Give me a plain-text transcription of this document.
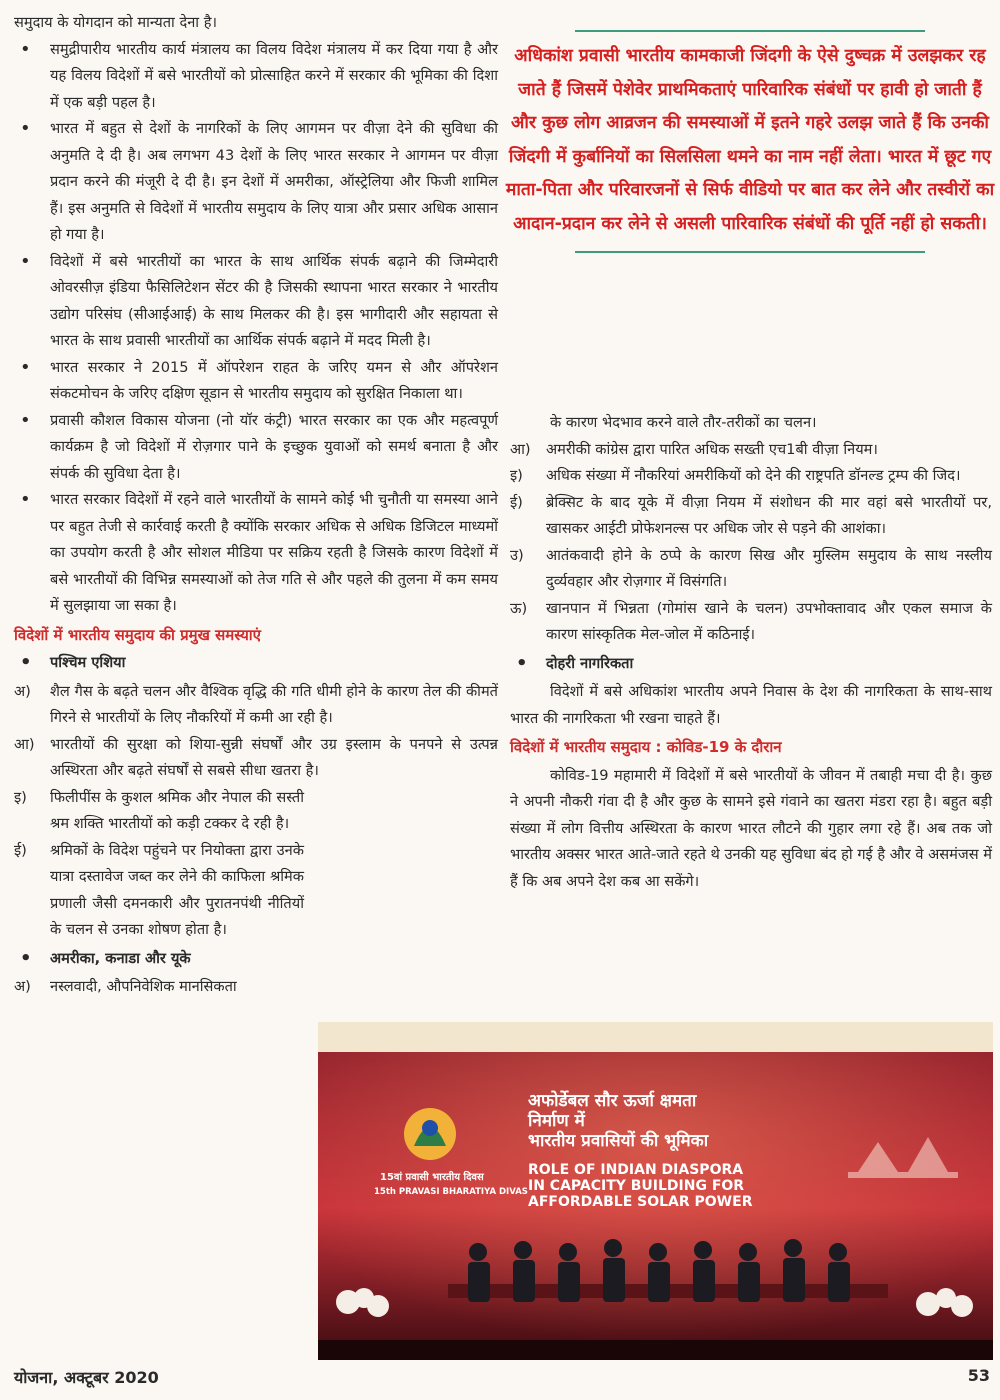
समुदाय के योगदान को मान्यता देना है।

• समुद्रीपारीय भारतीय कार्य मंत्रालय का विलय विदेश मंत्रालय में कर दिया गया है और यह विलय विदेशों में बसे भारतीयों को प्रोत्साहित करने में सरकार की भूमिका की दिशा में एक बड़ी पहल है।

• भारत में बहुत से देशों के नागरिकों के लिए आगमन पर वीज़ा देने की सुविधा की अनुमति दे दी है। अब लगभग 43 देशों के लिए भारत सरकार ने आगमन पर वीज़ा प्रदान करने की मंजूरी दे दी है। इन देशों में अमरीका, ऑस्ट्रेलिया और फिजी शामिल हैं। इस अनुमति से विदेशों में भारतीय समुदाय के लिए यात्रा और प्रसार अधिक आसान हो गया है।

• विदेशों में बसे भारतीयों का भारत के साथ आर्थिक संपर्क बढ़ाने की जिम्मेदारी ओवरसीज़ इंडिया फैसिलिटेशन सेंटर की है जिसकी स्थापना भारत सरकार ने भारतीय उद्योग परिसंघ (सीआईआई) के साथ मिलकर की है। इस भागीदारी और सहायता से भारत के साथ प्रवासी भारतीयों का आर्थिक संपर्क बढ़ाने में मदद मिली है।

• भारत सरकार ने 2015 में ऑपरेशन राहत के जरिए यमन से और ऑपरेशन संकटमोचन के जरिए दक्षिण सूडान से भारतीय समुदाय को सुरक्षित निकाला था।

• प्रवासी कौशल विकास योजना (नो यॉर कंट्री) भारत सरकार का एक और महत्वपूर्ण कार्यक्रम है जो विदेशों में रोज़गार पाने के इच्छुक युवाओं को समर्थ बनाता है और संपर्क की सुविधा देता है।

• भारत सरकार विदेशों में रहने वाले भारतीयों के सामने कोई भी चुनौती या समस्या आने पर बहुत तेजी से कार्रवाई करती है क्योंकि सरकार अधिक से अधिक डिजिटल माध्यमों का उपयोग करती है और सोशल मीडिया पर सक्रिय रहती है जिसके कारण विदेशों में बसे भारतीयों की विभिन्न समस्याओं को तेज गति से और पहले की तुलना में कम समय में सुलझाया जा सका है।

विदेशों में भारतीय समुदाय की प्रमुख समस्याएं

• पश्चिम एशिया

अ)	शैल गैस के बढ़ते चलन और वैश्विक वृद्धि की गति धीमी होने के कारण तेल की कीमतें गिरने से भारतीयों के लिए नौकरियों में कमी आ रही है।
आ)	भारतीयों की सुरक्षा को शिया-सुन्नी संघर्षों और उग्र इस्लाम के पनपने से उत्पन्न अस्थिरता और बढ़ते संघर्षों से सबसे सीधा खतरा है।
इ)	फिलीपींस के कुशल श्रमिक और नेपाल की सस्ती श्रम शक्ति भारतीयों को कड़ी टक्कर दे रही है।
ई)	श्रमिकों के विदेश पहुंचने पर नियोक्ता द्वारा उनके यात्रा दस्तावेज जब्त कर लेने की काफिला श्रमिक प्रणाली जैसी दमनकारी और पुरातनपंथी नीतियों के चलन से उनका शोषण होता है।

• अमरीका, कनाडा और यूके

अ)	नस्लवादी, औपनिवेशिक मानसिकता
अधिकांश प्रवासी भारतीय कामकाजी जिंदगी के ऐसे दुष्चक्र में उलझकर रह जाते हैं जिसमें पेशेवेर प्राथमिकताएं पारिवारिक संबंधों पर हावी हो जाती हैं और कुछ लोग आव्रजन की समस्याओं में इतने गहरे उलझ जाते हैं कि उनकी जिंदगी में कुर्बानियों का सिलसिला थमने का नाम नहीं लेता। भारत में छूट गए माता-पिता और परिवारजनों से सिर्फ वीडियो पर बात कर लेने और तस्वीरों का आदान-प्रदान कर लेने से असली पारिवारिक संबंधों की पूर्ति नहीं हो सकती।

के कारण भेदभाव करने वाले तौर-तरीकों का चलन।

आ)	अमरीकी कांग्रेस द्वारा पारित अधिक सख्ती एच1बी वीज़ा नियम।
इ)	अधिक संख्या में नौकरियां अमरीकियों को देने की राष्ट्रपति डॉनल्ड ट्रम्प की जिद।
ई)	ब्रेक्सिट के बाद यूके में वीज़ा नियम में संशोधन की मार वहां बसे भारतीयों पर, खासकर आईटी प्रोफेशनल्स पर अधिक जोर से पड़ने की आशंका।
उ)	आतंकवादी होने के ठप्पे के कारण सिख और मुस्लिम समुदाय के साथ नस्लीय दुर्व्यवहार और रोज़गार में विसंगति।
ऊ)	खानपान में भिन्नता (गोमांस खाने के चलन) उपभोक्तावाद और एकल समाज के कारण सांस्कृतिक मेल-जोल में कठिनाई।

• दोहरी नागरिकता

विदेशों में बसे अधिकांश भारतीय अपने निवास के देश की नागरिकता के साथ-साथ भारत की नागरिकता भी रखना चाहते हैं।

विदेशों में भारतीय समुदाय : कोविड-19 के दौरान

कोविड-19 महामारी में विदेशों में बसे भारतीयों के जीवन में तबाही मचा दी है। कुछ ने अपनी नौकरी गंवा दी है और कुछ के सामने इसे गंवाने का खतरा मंडरा रहा है। बहुत बड़ी संख्या में लोग वित्तीय अस्थिरता के कारण भारत लौटने की गुहार लगा रहे हैं। अब तक जो भारतीय अक्सर भारत आते-जाते रहते थे उनकी यह सुविधा बंद हो गई है और वे असमंजस में हैं कि अब अपने देश कब आ सकेंगे।

अफोर्डेबल सौर ऊर्जा क्षमता
निर्माण में
भारतीय प्रवासियों की भूमिका
ROLE OF INDIAN DIASPORA
IN CAPACITY BUILDING FOR
AFFORDABLE SOLAR POWER
15वां प्रवासी भारतीय दिवस
15th PRAVASI BHARATIYA DIVAS
योजना, अक्टूबर 2020	53
